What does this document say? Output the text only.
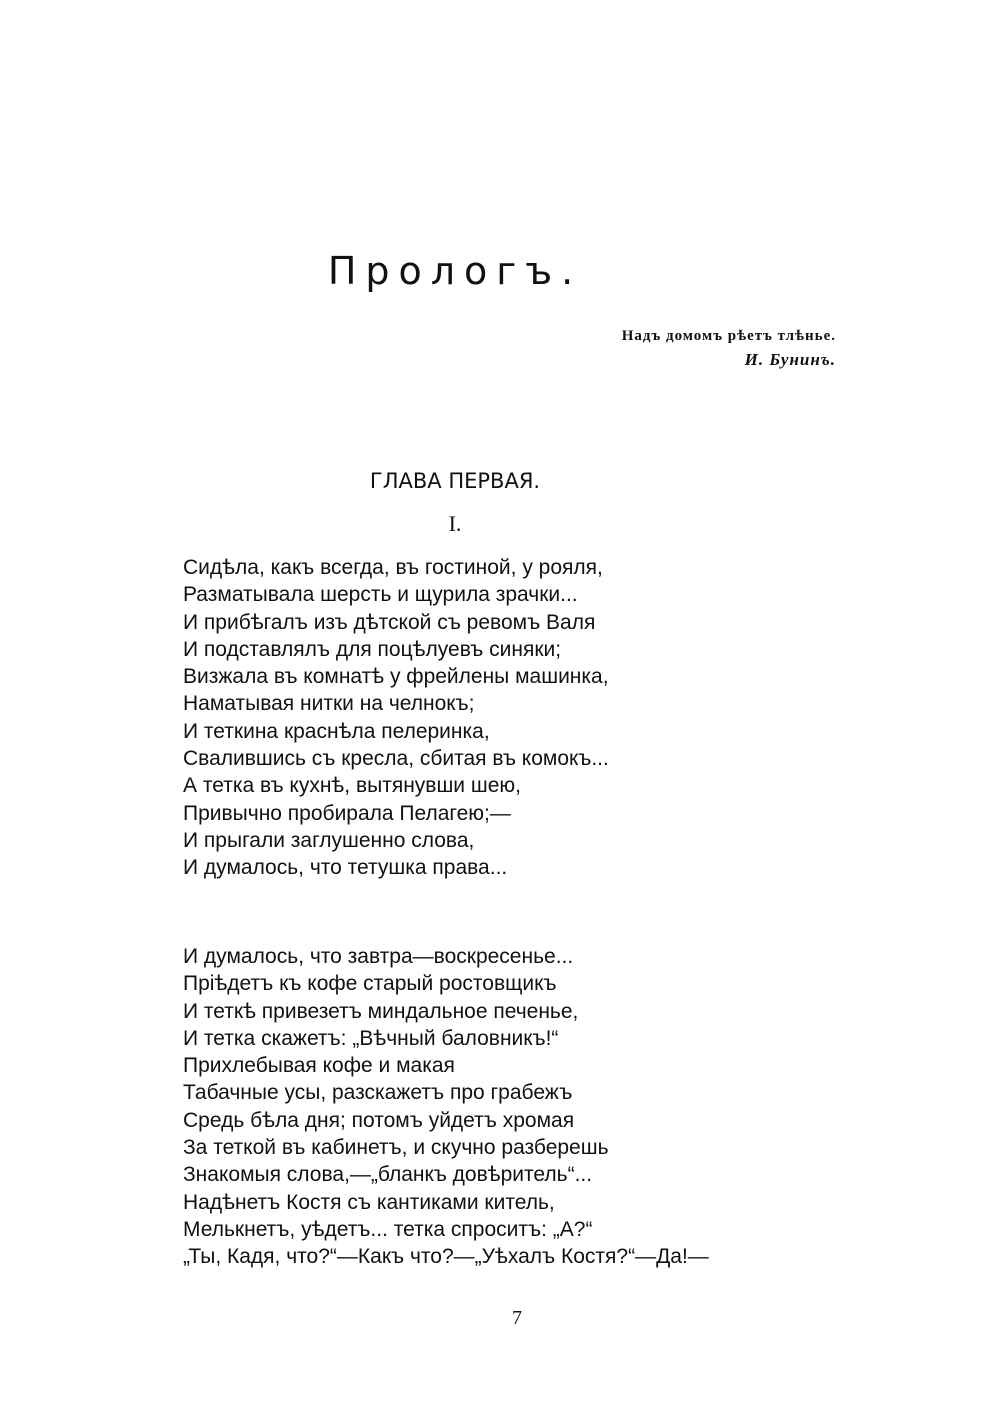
Прологъ.
Надъ домомъ рѣетъ тлѣнье.
И. Бунинъ.
ГЛАВА ПЕРВАЯ.
I.
Сидѣла, какъ всегда, въ гостиной, у рояля,
Разматывала шерсть и щурила зрачки...
И прибѣгалъ изъ дѣтской съ ревомъ Валя
И подставлялъ для поцѣлуевъ синяки;
Визжала въ комнатѣ у фрейлены машинка,
Наматывая нитки на челнокъ;
И теткина краснѣла пелеринка,
Свалившись съ кресла, сбитая въ комокъ...
А тетка въ кухнѣ, вытянувши шею,
Привычно пробирала Пелагею;—
И прыгали заглушенно слова,
И думалось, что тетушка права...
И думалось, что завтра—воскресенье...
Пріѣдетъ къ кофе старый ростовщикъ
И теткѣ привезетъ миндальное печенье,
И тетка скажетъ: „Вѣчный баловникъ!“
Прихлебывая кофе и макая
Табачные усы, разскажетъ про грабежъ
Средь бѣла дня; потомъ уйдетъ хромая
За теткой въ кабинетъ, и скучно разберешь
Знакомыя слова,—„бланкъ довѣритель“...
Надѣнетъ Костя съ кантиками китель,
Мелькнетъ, уѣдетъ... тетка спроситъ: „А?“
„Ты, Кадя, что?“—Какъ что?—„Уѣхалъ Костя?“—Да!—
7
